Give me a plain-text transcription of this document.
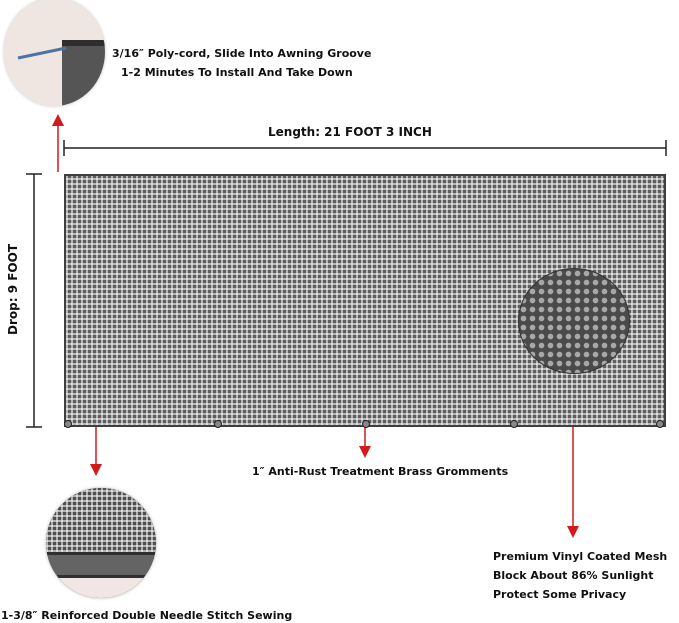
3/16″ Poly-cord, Slide Into Awning Groove
1-2 Minutes To Install And Take Down
Length: 21 FOOT 3 INCH
Drop: 9 FOOT
1″ Anti-Rust Treatment Brass Gromments
1-3/8″ Reinforced Double Needle Stitch Sewing
Premium Vinyl Coated Mesh
Block About 86% Sunlight
Protect Some Privacy
